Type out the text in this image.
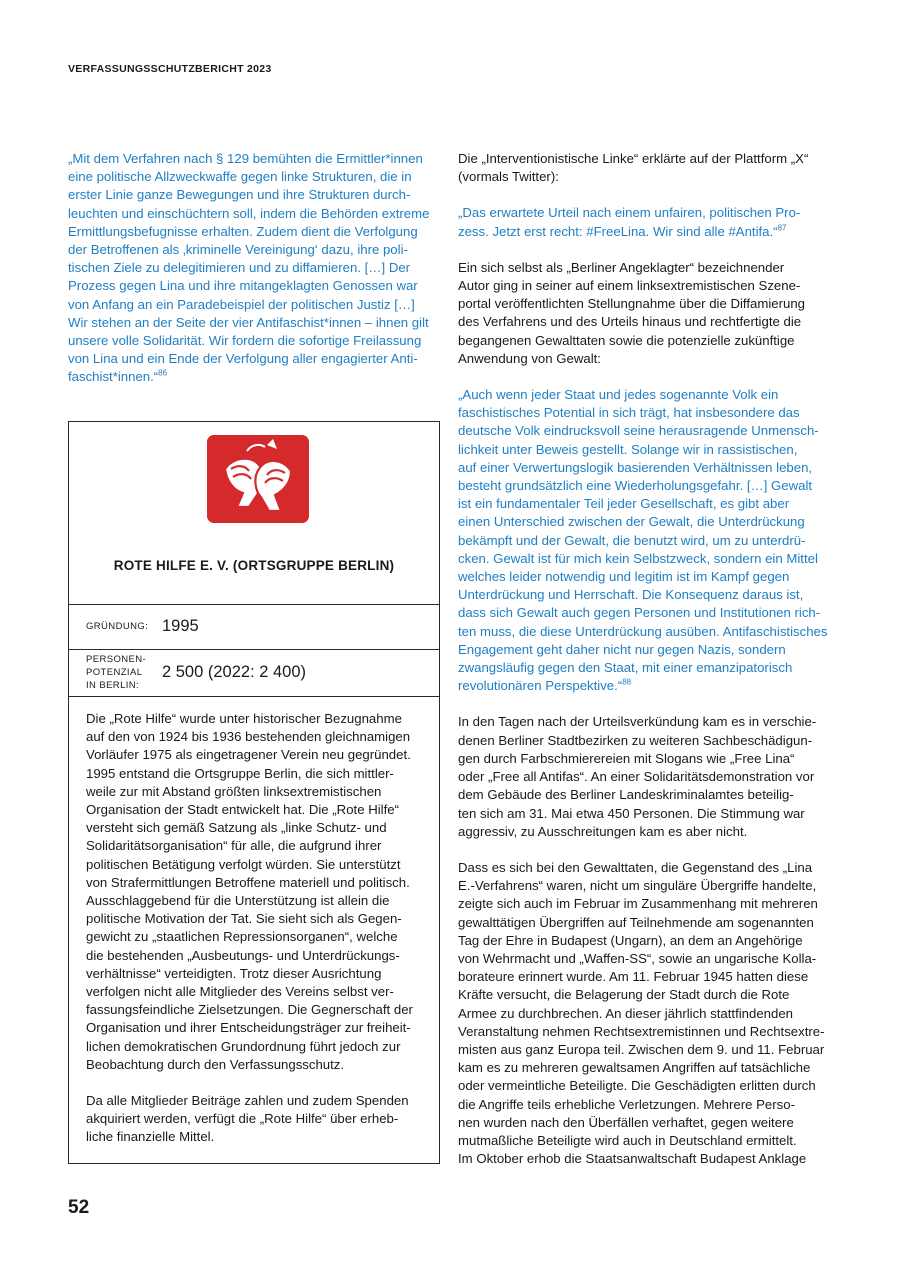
VERFASSUNGSSCHUTZBERICHT 2023

„Mit dem Verfahren nach § 129 bemühten die Ermittler*innen
eine politische Allzweckwaffe gegen linke Strukturen, die in
erster Linie ganze Bewegungen und ihre Strukturen durch-
leuchten und einschüchtern soll, indem die Behörden extreme
Ermittlungsbefugnisse erhalten. Zudem dient die Verfolgung
der Betroffenen als ‚kriminelle Vereinigung‘ dazu, ihre poli-
tischen Ziele zu delegitimieren und zu diffamieren. […] Der
Prozess gegen Lina und ihre mitangeklagten Genossen war
von Anfang an ein Paradebeispiel der politischen Justiz […]
Wir stehen an der Seite der vier Antifaschist*innen – ihnen gilt
unsere volle Solidarität. Wir fordern die sofortige Freilassung
von Lina und ein Ende der Verfolgung aller engagierter Anti-
faschist*innen.“$^{86}$

ROTE HILFE E. V. (ORTSGRUPPE BERLIN)
GRÜNDUNG: 1995
PERSONEN-
POTENZIAL
IN BERLIN:
2 500 (2022: 2 400)

Die „Rote Hilfe“ wurde unter historischer Bezugnahme
auf den von 1924 bis 1936 bestehenden gleichnamigen
Vorläufer 1975 als eingetragener Verein neu gegründet.
1995 entstand die Ortsgruppe Berlin, die sich mittler-
weile zur mit Abstand größten linksextremistischen
Organisation der Stadt entwickelt hat. Die „Rote Hilfe“
versteht sich gemäß Satzung als „linke Schutz- und
Solidaritätsorganisation“ für alle, die aufgrund ihrer
politischen Betätigung verfolgt würden. Sie unterstützt
von Strafermittlungen Betroffene materiell und politisch.
Ausschlaggebend für die Unterstützung ist allein die
politische Motivation der Tat. Sie sieht sich als Gegen-
gewicht zu „staatlichen Repressionsorganen“, welche
die bestehenden „Ausbeutungs- und Unterdrückungs-
verhältnisse“ verteidigten. Trotz dieser Ausrichtung
verfolgen nicht alle Mitglieder des Vereins selbst ver-
fassungsfeindliche Zielsetzungen. Die Gegnerschaft der
Organisation und ihrer Entscheidungsträger zur freiheit-
lichen demokratischen Grundordnung führt jedoch zur
Beobachtung durch den Verfassungsschutz.

Da alle Mitglieder Beiträge zahlen und zudem Spenden
akquiriert werden, verfügt die „Rote Hilfe“ über erheb-
liche finanzielle Mittel.

Die „Interventionistische Linke“ erklärte auf der Plattform „X“
(vormals Twitter):

„Das erwartete Urteil nach einem unfairen, politischen Pro-
zess. Jetzt erst recht: #FreeLina. Wir sind alle #Antifa.“$^{87}$

Ein sich selbst als „Berliner Angeklagter“ bezeichnender
Autor ging in seiner auf einem linksextremistischen Szene-
portal veröffentlichten Stellungnahme über die Diffamierung
des Verfahrens und des Urteils hinaus und rechtfertigte die
begangenen Gewalttaten sowie die potenzielle zukünftige
Anwendung von Gewalt:

„Auch wenn jeder Staat und jedes sogenannte Volk ein
faschistisches Potential in sich trägt, hat insbesondere das
deutsche Volk eindrucksvoll seine herausragende Unmensch-
lichkeit unter Beweis gestellt. Solange wir in rassistischen,
auf einer Verwertungslogik basierenden Verhältnissen leben,
besteht grundsätzlich eine Wiederholungsgefahr. […] Gewalt
ist ein fundamentaler Teil jeder Gesellschaft, es gibt aber
einen Unterschied zwischen der Gewalt, die Unterdrückung
bekämpft und der Gewalt, die benutzt wird, um zu unterdrü-
cken. Gewalt ist für mich kein Selbstzweck, sondern ein Mittel
welches leider notwendig und legitim ist im Kampf gegen
Unterdrückung und Herrschaft. Die Konsequenz daraus ist,
dass sich Gewalt auch gegen Personen und Institutionen rich-
ten muss, die diese Unterdrückung ausüben. Antifaschistisches
Engagement geht daher nicht nur gegen Nazis, sondern
zwangsläufig gegen den Staat, mit einer emanzipatorisch
revolutionären Perspektive.“$^{88}$

In den Tagen nach der Urteilsverkündung kam es in verschie-
denen Berliner Stadtbezirken zu weiteren Sachbeschädigun-
gen durch Farbschmierereien mit Slogans wie „Free Lina“
oder „Free all Antifas“. An einer Solidaritätsdemonstration vor
dem Gebäude des Berliner Landeskriminalamtes beteilig-
ten sich am 31. Mai etwa 450 Personen. Die Stimmung war
aggressiv, zu Ausschreitungen kam es aber nicht.

Dass es sich bei den Gewalttaten, die Gegenstand des „Lina
E.-Verfahrens“ waren, nicht um singuläre Übergriffe handelte,
zeigte sich auch im Februar im Zusammenhang mit mehreren
gewalttätigen Übergriffen auf Teilnehmende am sogenannten
Tag der Ehre in Budapest (Ungarn), an dem an Angehörige
von Wehrmacht und „Waffen-SS“, sowie an ungarische Kolla-
borateure erinnert wurde. Am 11. Februar 1945 hatten diese
Kräfte versucht, die Belagerung der Stadt durch die Rote
Armee zu durchbrechen. An dieser jährlich stattfindenden
Veranstaltung nehmen Rechtsextremistinnen und Rechtsextre-
misten aus ganz Europa teil. Zwischen dem 9. und 11. Februar
kam es zu mehreren gewaltsamen Angriffen auf tatsächliche
oder vermeintliche Beteiligte. Die Geschädigten erlitten durch
die Angriffe teils erhebliche Verletzungen. Mehrere Perso-
nen wurden nach den Überfällen verhaftet, gegen weitere
mutmaßliche Beteiligte wird auch in Deutschland ermittelt.
Im Oktober erhob die Staatsanwaltschaft Budapest Anklage

52
